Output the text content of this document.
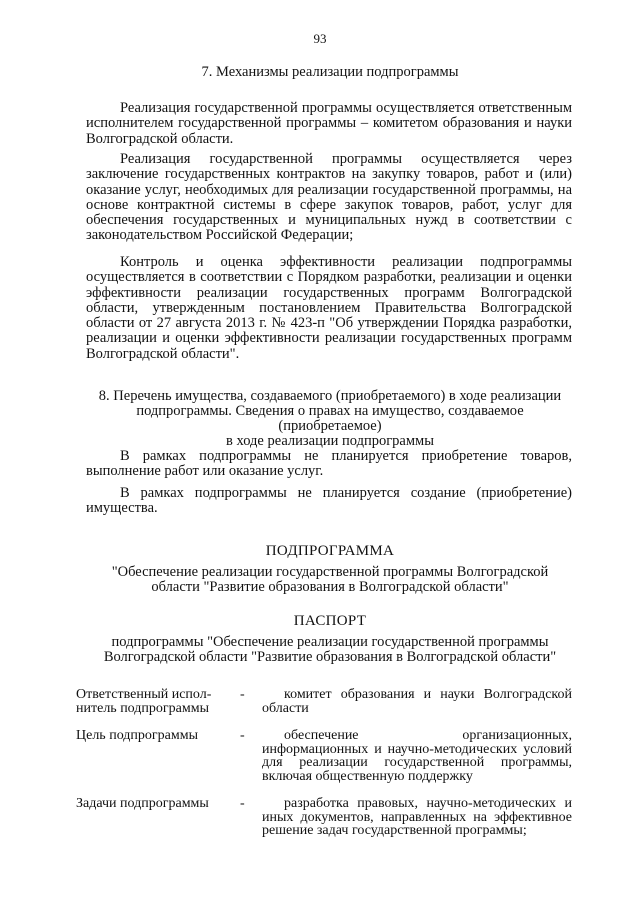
93
7. Механизмы реализации подпрограммы

Реализация государственной программы осуществляется ответственным исполнителем государственной программы – комитетом образования и науки Волгоградской области.

Реализация государственной программы осуществляется через заключение государственных контрактов на закупку товаров, работ и (или) оказание услуг, необходимых для реализации государственной программы, на основе контрактной системы в сфере закупок товаров, работ, услуг для обеспечения государственных и муниципальных нужд в соответствии с законодательством Российской Федерации;

Контроль и оценка эффективности реализации подпрограммы осуществляется в соответствии с Порядком разработки, реализации и оценки эффективности реализации государственных программ Волгоградской области, утвержденным постановлением Правительства Волгоградской области от 27 августа 2013 г. № 423-п "Об утверждении Порядка разработки, реализации и оценки эффективности реализации государственных программ Волгоградской области".

8. Перечень имущества, создаваемого (приобретаемого) в ходе реализации
подпрограммы. Сведения о правах на имущество, создаваемое (приобретаемое)
в ходе реализации подпрограммы

В рамках подпрограммы не планируется приобретение товаров, выполнение работ или оказание услуг.

В рамках подпрограммы не планируется создание (приобретение) имущества.

ПОДПРОГРАММА
"Обеспечение реализации государственной программы Волгоградской
области "Развитие образования в Волгоградской области"
ПАСПОРТ
подпрограммы "Обеспечение реализации государственной программы
Волгоградской области "Развитие образования в Волгоградской области"
Ответственный испол-
нитель подпрограммы
-	комитет образования и науки Волгоградской области

Цель подпрограммы	-	обеспечение организационных, информационных и научно-методических условий для реализации государственной программы, включая общественную поддержку

Задачи подпрограммы	-	разработка правовых, научно-методических и иных документов, направленных на эффективное решение задач государственной программы;
